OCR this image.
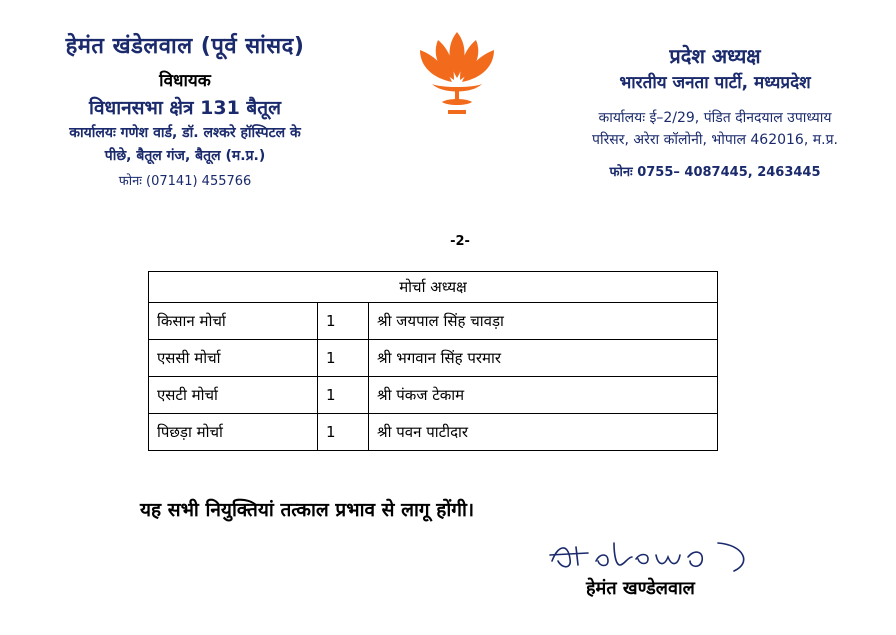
हेमंत खंडेलवाल (पूर्व सांसद)
विधायक
विधानसभा क्षेत्र 131 बैतूल
कार्यालयः गणेश वार्ड, डॉ. लश्करे हॉस्पिटल के
पीछे, बैतूल गंज, बैतूल (म.प्र.)
फोनः (07141) 455766
प्रदेश अध्यक्ष
भारतीय जनता पार्टी, मध्यप्रदेश
कार्यालयः ई–2/29, पंडित दीनदयाल उपाध्याय
परिसर, अरेरा कॉलोनी, भोपाल 462016, म.प्र.
फोनः 0755– 4087445, 2463445
-2-
मोर्चा अध्यक्ष		
किसान मोर्चा	1	श्री जयपाल सिंह चावड़ा
एससी मोर्चा	1	श्री भगवान सिंह परमार
एसटी मोर्चा	1	श्री पंकज टेकाम
पिछड़ा मोर्चा	1	श्री पवन पाटीदार
यह सभी नियुक्तियां तत्काल प्रभाव से लागू होंगी।
हेमंत खण्डेलवाल
